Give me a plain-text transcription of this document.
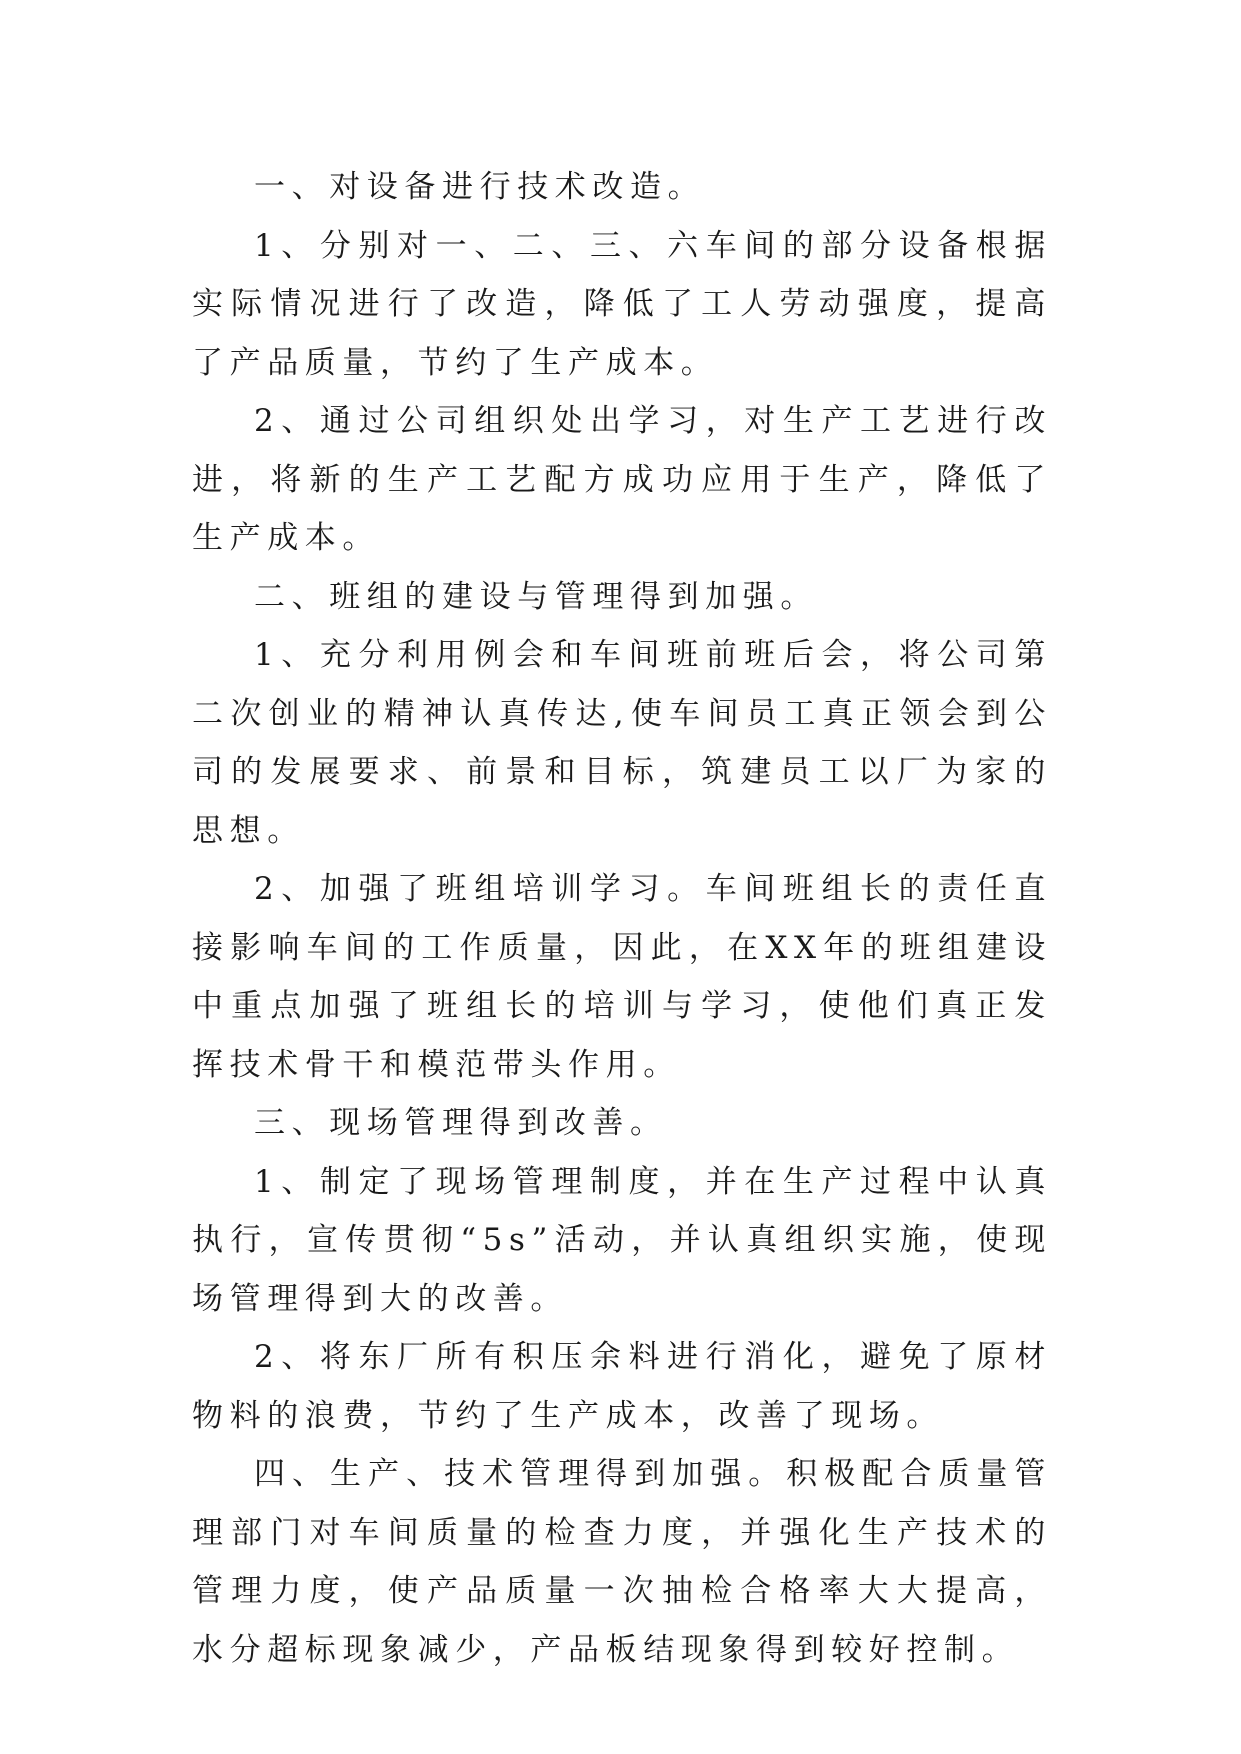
一、对设备进行技术改造。

1、分别对一、二、三、六车间的部分设备根据实际情况进行了改造，降低了工人劳动强度，提高了产品质量，节约了生产成本。

2、通过公司组织处出学习，对生产工艺进行改进，将新的生产工艺配方成功应用于生产，降低了生产成本。

二、班组的建设与管理得到加强。

1、充分利用例会和车间班前班后会，将公司第二次创业的精神认真传达,使车间员工真正领会到公司的发展要求、前景和目标，筑建员工以厂为家的思想。

2、加强了班组培训学习。车间班组长的责任直接影响车间的工作质量，因此，在XX年的班组建设中重点加强了班组长的培训与学习，使他们真正发挥技术骨干和模范带头作用。

三、现场管理得到改善。

1、制定了现场管理制度，并在生产过程中认真执行，宣传贯彻“5s”活动，并认真组织实施，使现场管理得到大的改善。

2、将东厂所有积压余料进行消化，避免了原材物料的浪费，节约了生产成本，改善了现场。

四、生产、技术管理得到加强。积极配合质量管理部门对车间质量的检查力度，并强化生产技术的管理力度，使产品质量一次抽检合格率大大提高，水分超标现象减少，产品板结现象得到较好控制。
